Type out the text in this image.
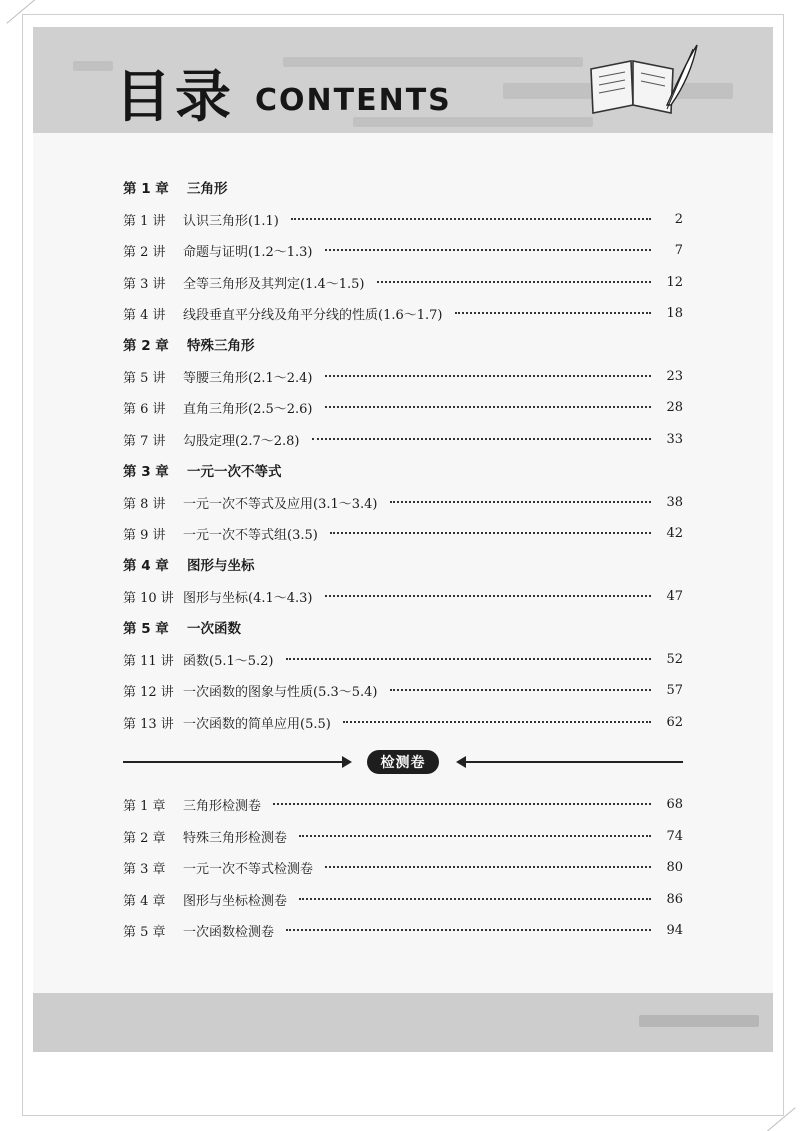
目录 CONTENTS
第 1 章	三角形
第 1 讲	认识三角形(1.1)	2
第 2 讲	命题与证明(1.2～1.3)	7
第 3 讲	全等三角形及其判定(1.4～1.5)	12
第 4 讲	线段垂直平分线及角平分线的性质(1.6～1.7)	18
第 2 章	特殊三角形
第 5 讲	等腰三角形(2.1～2.4)	23
第 6 讲	直角三角形(2.5～2.6)	28
第 7 讲	勾股定理(2.7～2.8)	33
第 3 章	一元一次不等式
第 8 讲	一元一次不等式及应用(3.1～3.4)	38
第 9 讲	一元一次不等式组(3.5)	42
第 4 章	图形与坐标
第 10 讲 图形与坐标(4.1～4.3)	47
第 5 章	一次函数
第 11 讲 函数(5.1～5.2)	52
第 12 讲 一次函数的图象与性质(5.3～5.4)	57
第 13 讲 一次函数的简单应用(5.5)	62
检测卷
第 1 章	三角形检测卷	68
第 2 章	特殊三角形检测卷	74
第 3 章	一元一次不等式检测卷	80
第 4 章	图形与坐标检测卷	86
第 5 章	一次函数检测卷	94
